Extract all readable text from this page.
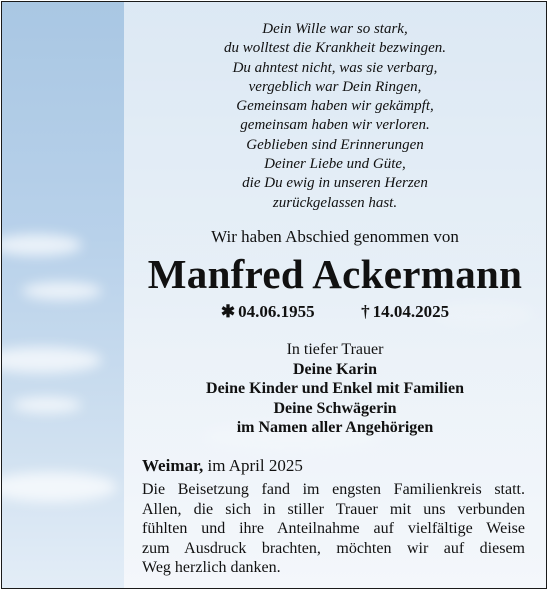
Dein Wille war so stark,
du wolltest die Krankheit bezwingen.
Du ahntest nicht, was sie verbarg,
vergeblich war Dein Ringen,
Gemeinsam haben wir gekämpft,
gemeinsam haben wir verloren.
Geblieben sind Erinnerungen
Deiner Liebe und Güte,
die Du ewig in unseren Herzen
zurückgelassen hast.
Wir haben Abschied genommen von
Manfred Ackermann
✱ 04.06.1955	† 14.04.2025
In tiefer Trauer
Deine Karin
Deine Kinder und Enkel mit Familien
Deine Schwägerin
im Namen aller Angehörigen
Weimar, im April 2025
Die Beisetzung fand im engsten Familienkreis statt.
Allen, die sich in stiller Trauer mit uns verbunden
fühlten und ihre Anteilnahme auf vielfältige Weise
zum Ausdruck brachten, möchten wir auf diesem
Weg herzlich danken.
